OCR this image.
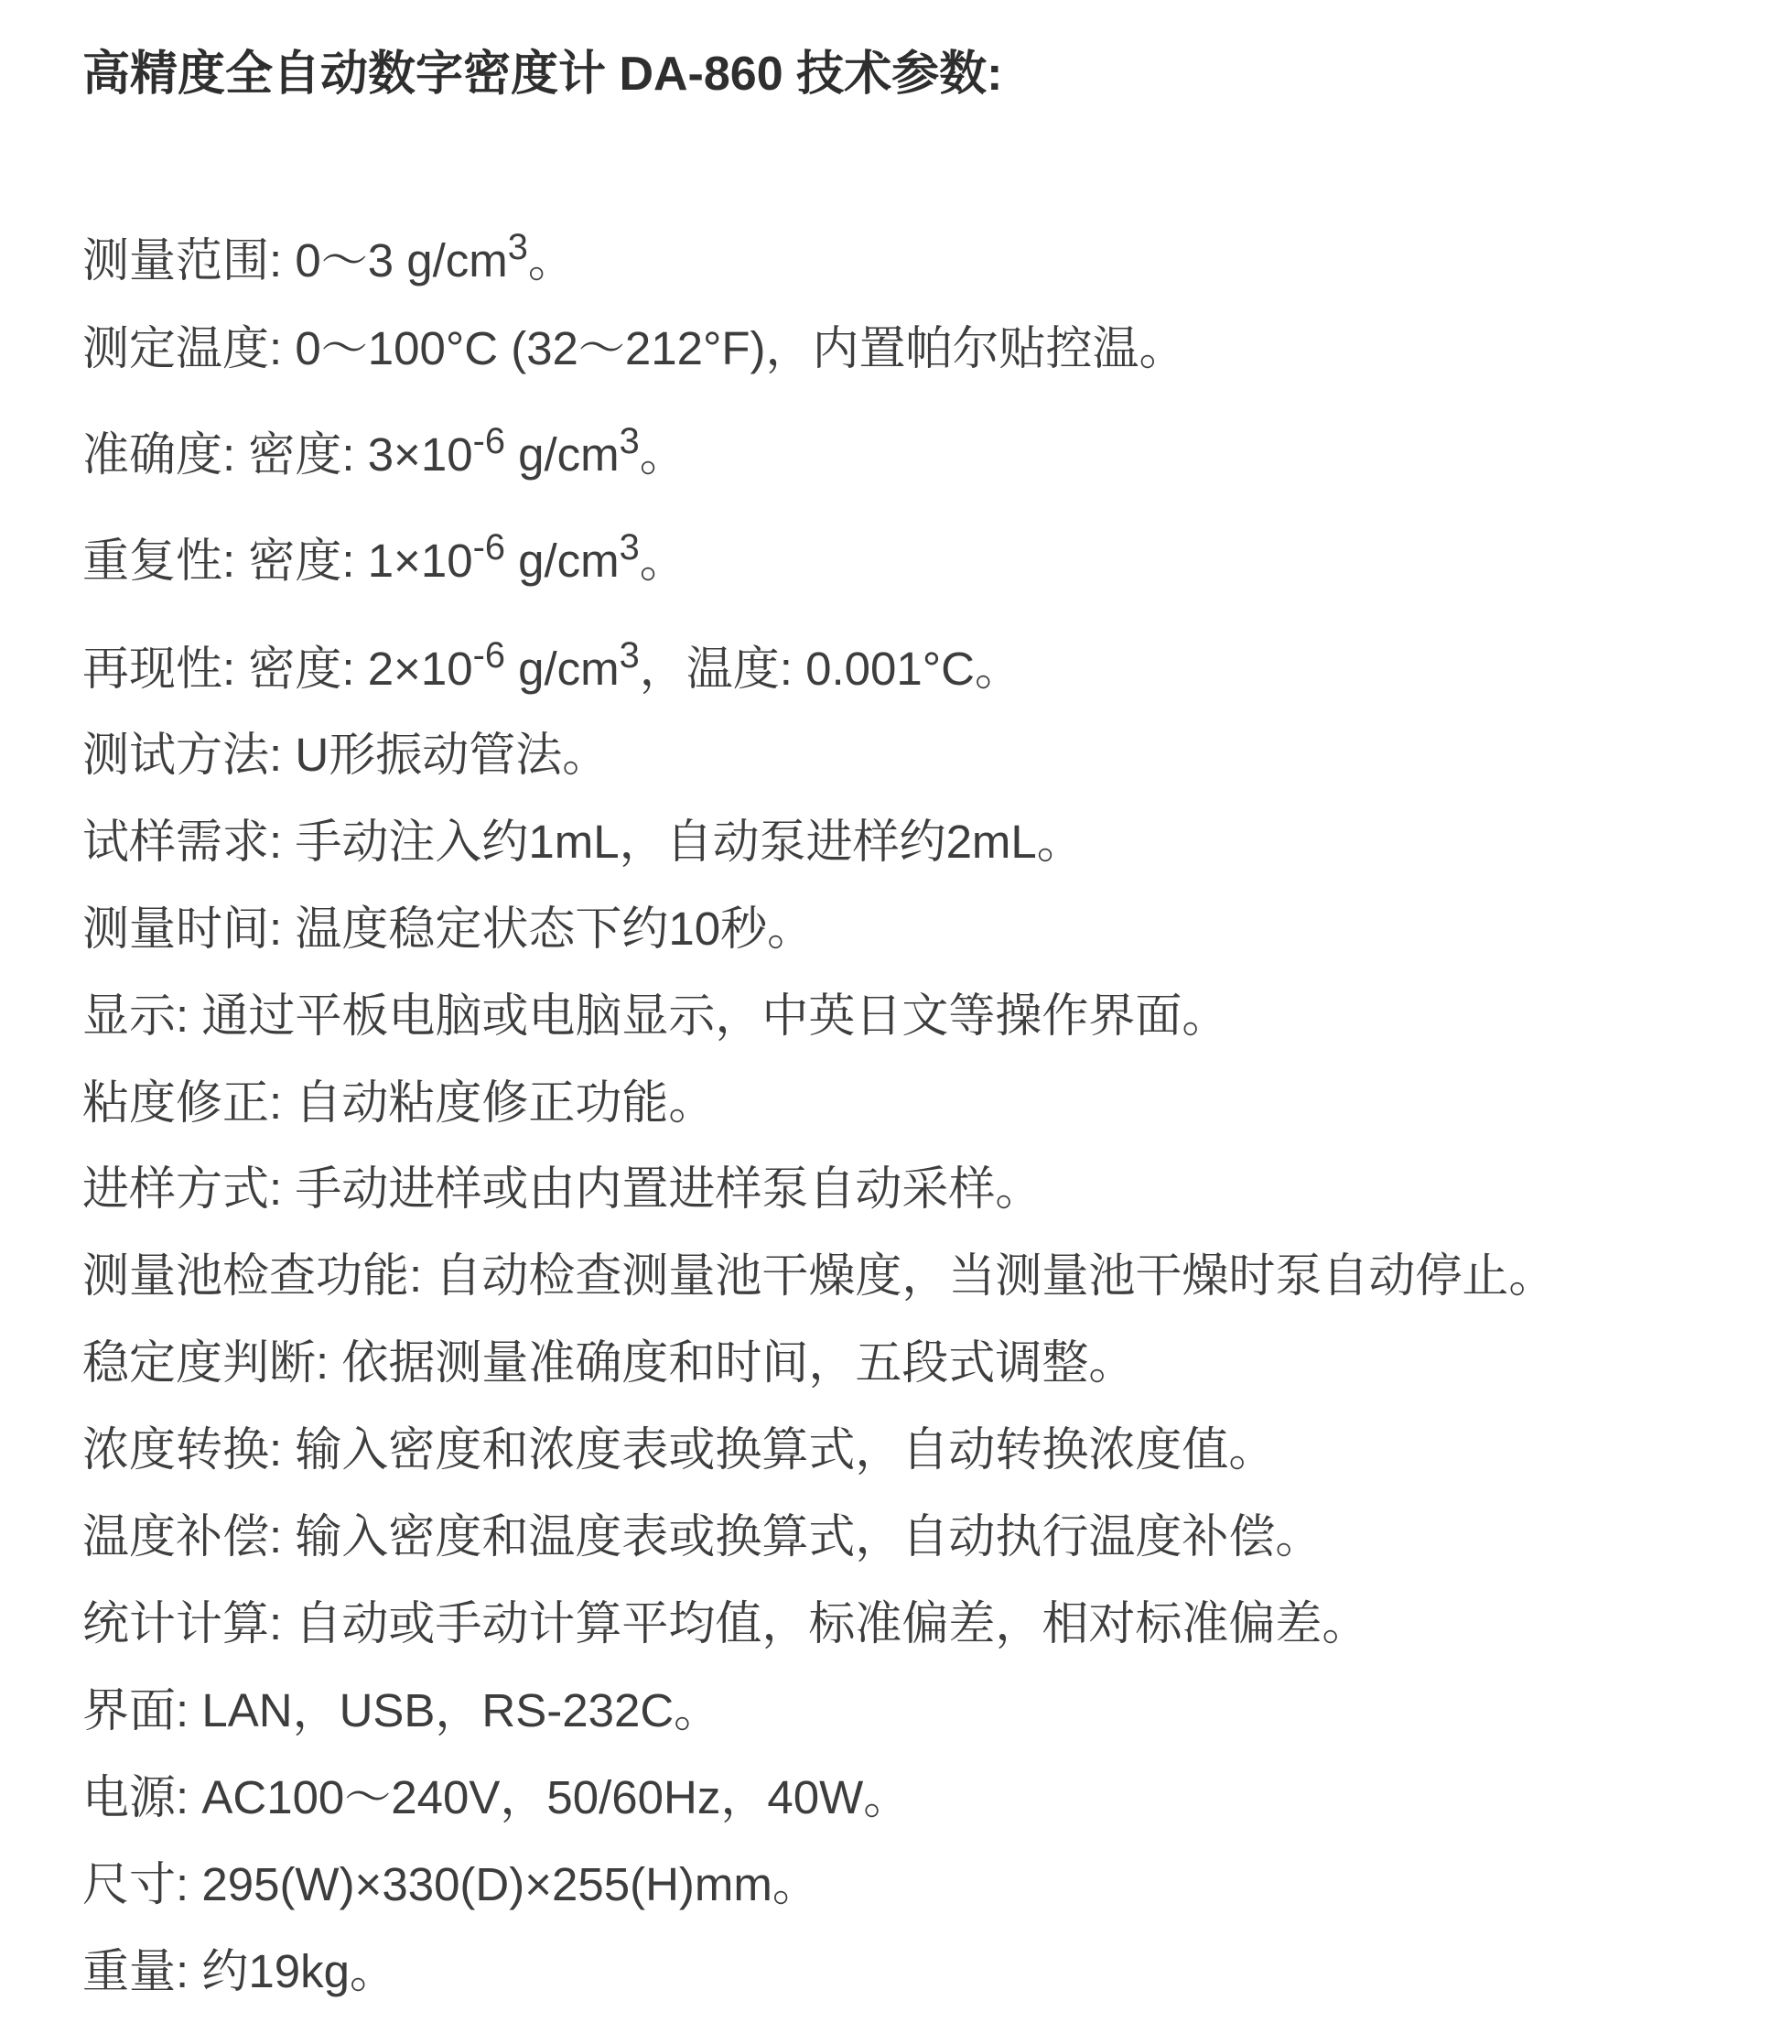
高精度全自动数字密度计 DA-860 技术参数:
测量范围: 0～3 $g/cm^3$。
测定温度: 0～100°C (32～212°F)，内置帕尔贴控温。
准确度: 密度: $3\times 10^{-6}$ $g/cm^3$。
重复性: 密度: $1\times 10^{-6}$ $g/cm^3$。
再现性: 密度: $2\times 10^{-6}$ $g/cm^3$，温度: 0.001°C。
测试方法: U形振动管法。
试样需求: 手动注入约1mL，自动泵进样约2mL。
测量时间: 温度稳定状态下约10秒。
显示: 通过平板电脑或电脑显示，中英日文等操作界面。
粘度修正: 自动粘度修正功能。
进样方式: 手动进样或由内置进样泵自动采样。
测量池检查功能: 自动检查测量池干燥度，当测量池干燥时泵自动停止。
稳定度判断: 依据测量准确度和时间，五段式调整。
浓度转换: 输入密度和浓度表或换算式，自动转换浓度值。
温度补偿: 输入密度和温度表或换算式，自动执行温度补偿。
统计计算: 自动或手动计算平均值，标准偏差，相对标准偏差。
界面: LAN，USB，RS-232C。
电源: AC100～240V，50/60Hz，40W。
尺寸: 295(W)×330(D)×255(H)mm。
重量: 约19kg。
